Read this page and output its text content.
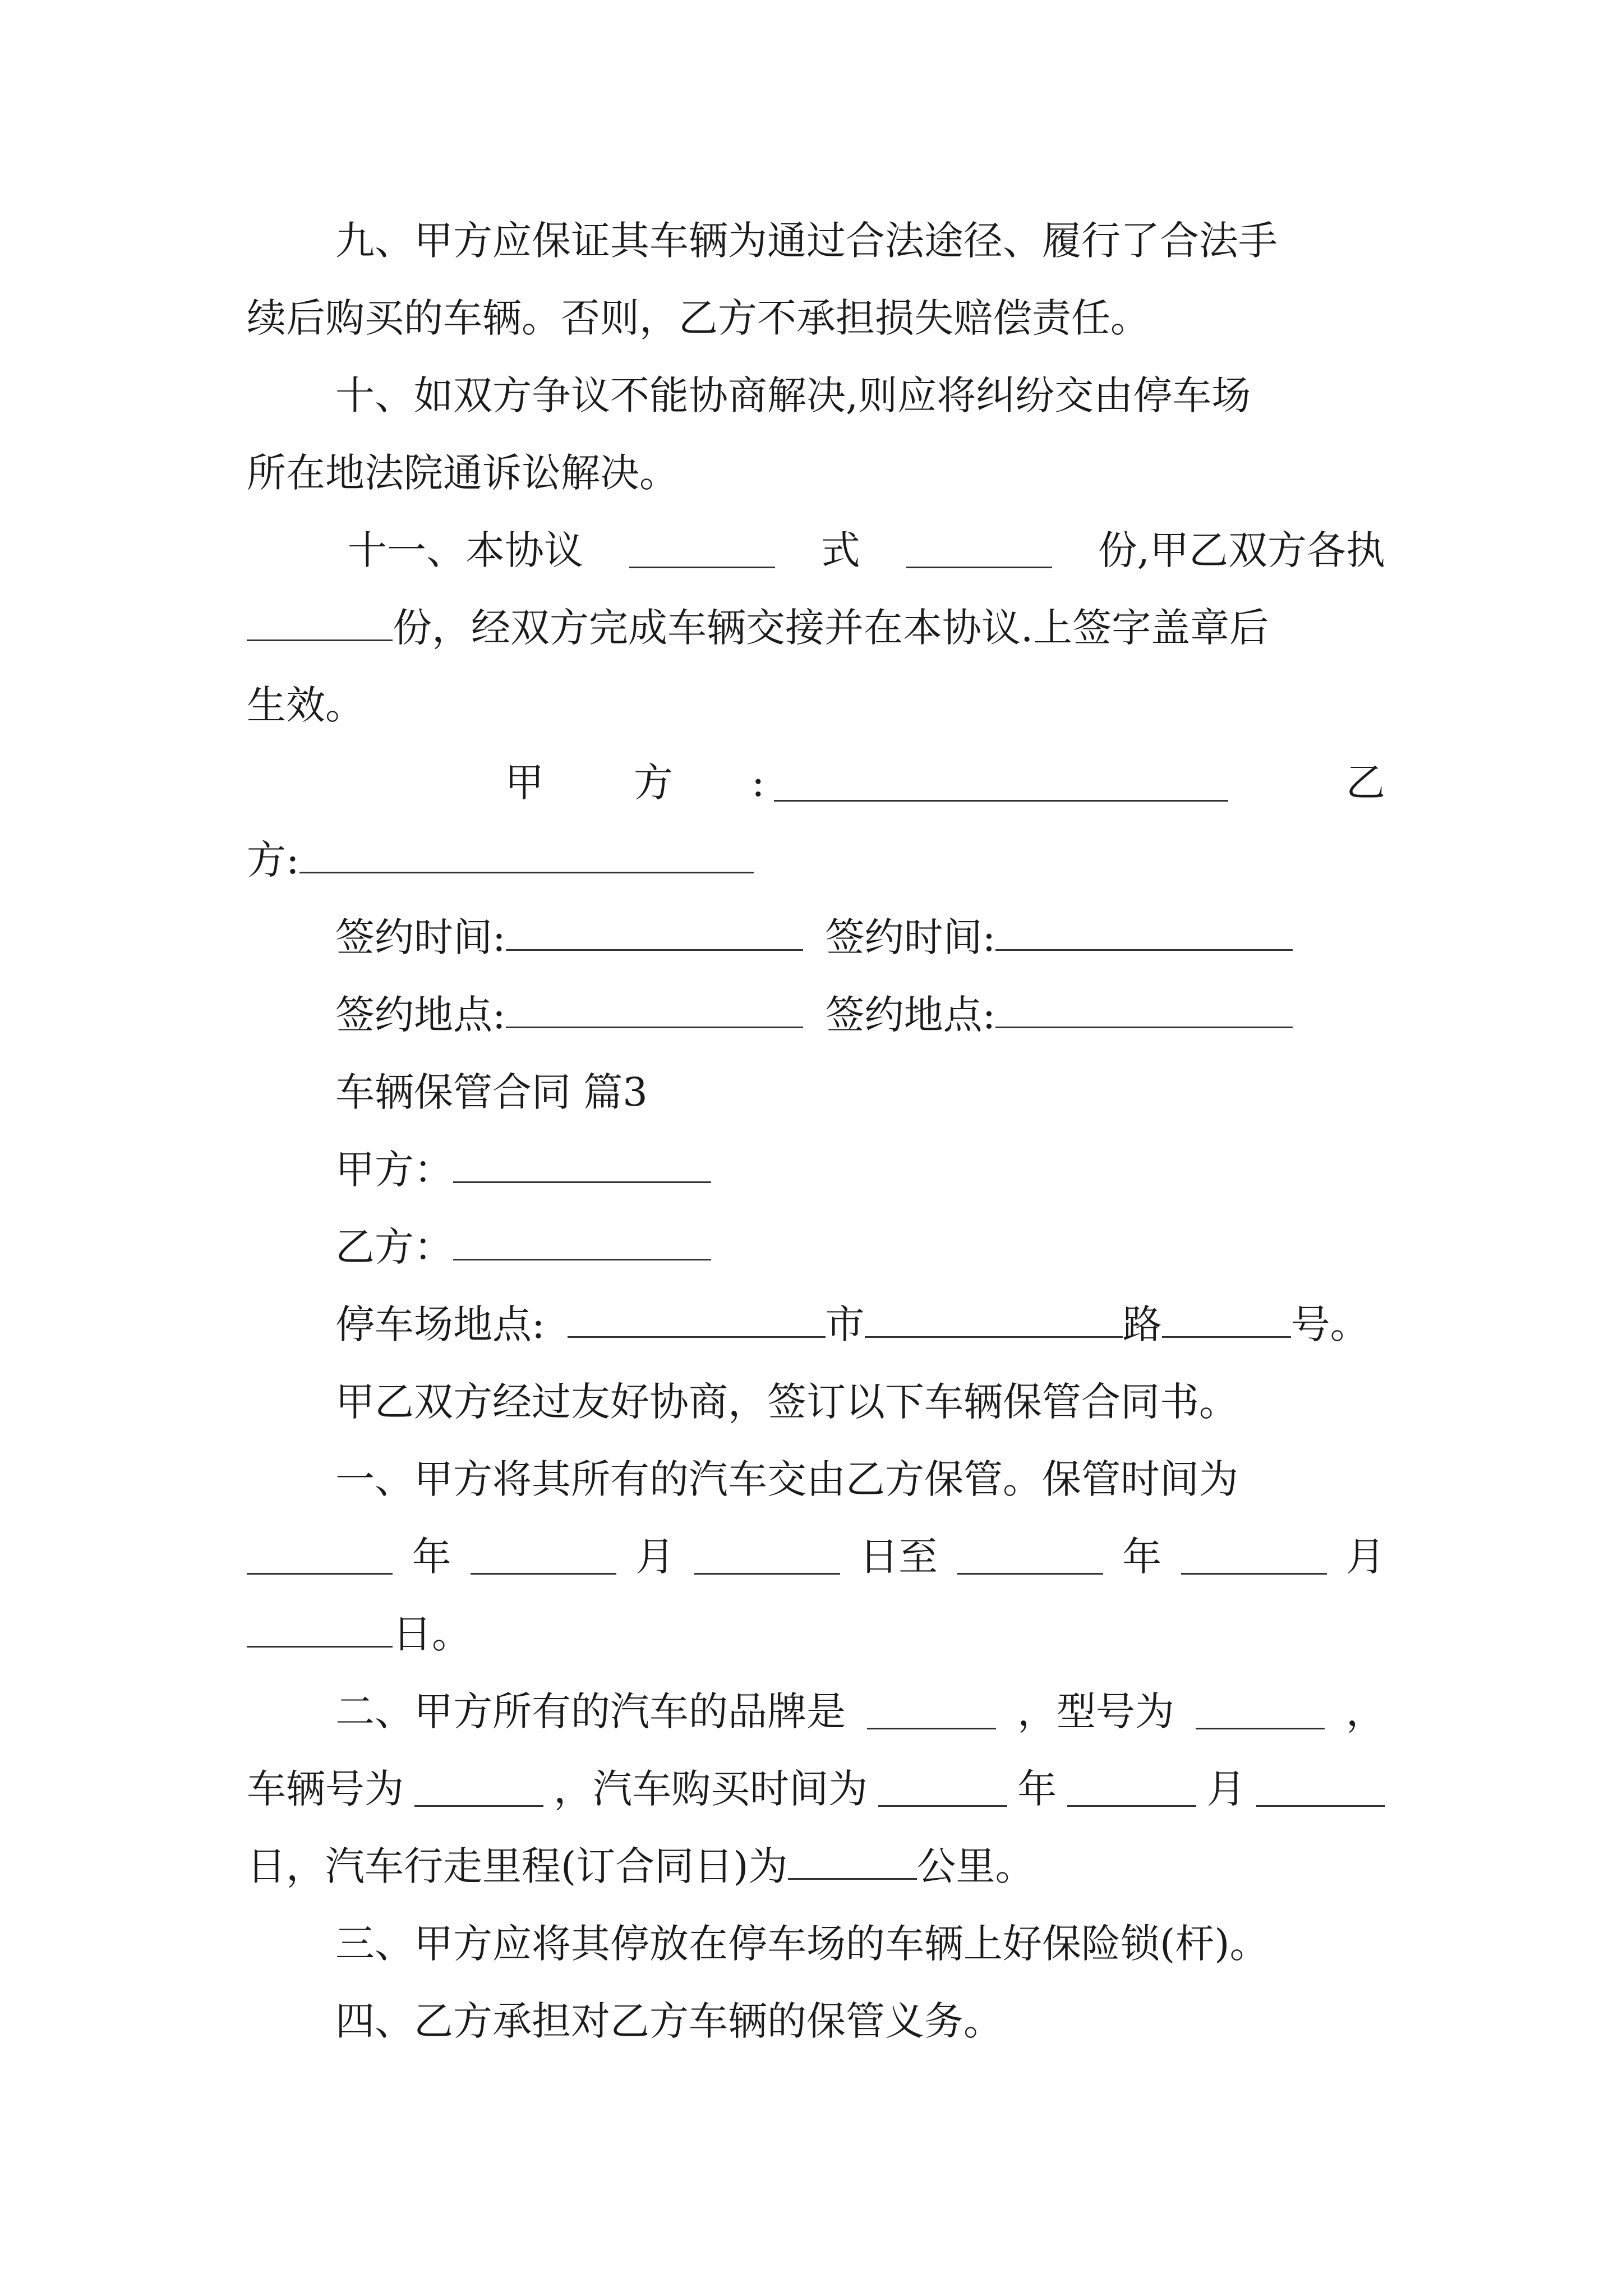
九、甲方应保证其车辆为通过合法途径、履行了合法手
续后购买的车辆。否则，乙方不承担损失赔偿责任。
十、如双方争议不能协商解决,则应将纠纷交由停车场
所在地法院通诉讼解决。
十一、本协议	式	份,甲乙双方各执
份，经双方完成车辆交接并在本协议.上签字盖章后
生效。
甲 方 :	乙
方:
签约时间:	签约时间:
签约地点:	签约地点:
车辆保管合同 篇3
甲方：
乙方：
停车场地点:	市	路	号。
甲乙双方经过友好协商，签订以下车辆保管合同书。
一、甲方将其所有的汽车交由乙方保管。保管时间为
年	月	日至	年	月
日。
二、甲方所有的汽车的品牌是	，型号为	，
车辆号为	，汽车购买时间为	年	月
日，汽车行走里程(订合同日)为	公里。
三、甲方应将其停放在停车场的车辆上好保险锁(杆)。
四、乙方承担对乙方车辆的保管义务。
